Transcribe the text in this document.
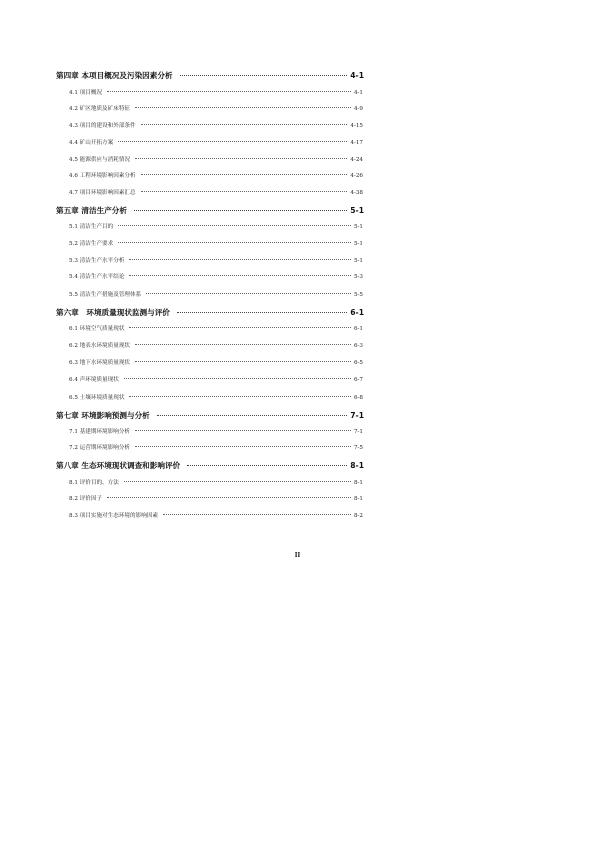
第四章 本项目概况及污染因素分析	4-1
4.1 项目概况	4-1
4.2 矿区地质及矿床特征	4-9
4.3 项目的建设和外部条件	4-15
4.4 矿山开拓方案	4-17
4.5 能源供应与消耗情况	4-24
4.6 工程环境影响因素分析	4-26
4.7 项目环境影响因素汇总	4-38
第五章 清洁生产分析	5-1
5.1 清洁生产目的	5-1
5.2 清洁生产要求	5-1
5.3 清洁生产水平分析	5-1
5.4 清洁生产水平结论	5-3
5.5 清洁生产措施及管理体系	5-5
第六章　环境质量现状监测与评价	6-1
6.1 环境空气质量现状	6-1
6.2 地表水环境质量现状	6-3
6.3 地下水环境质量现状	6-5
6.4 声环境质量现状	6-7
6.5 土壤环境质量现状	6-8
第七章 环境影响预测与分析	7-1
7.1 基建期环境影响分析	7-1
7.2 运营期环境影响分析	7-5
第八章 生态环境现状调查和影响评价	8-1
8.1 评价目的、方法	8-1
8.2 评价因子	8-1
8.3 项目实施对生态环境的影响因素	8-2
II
